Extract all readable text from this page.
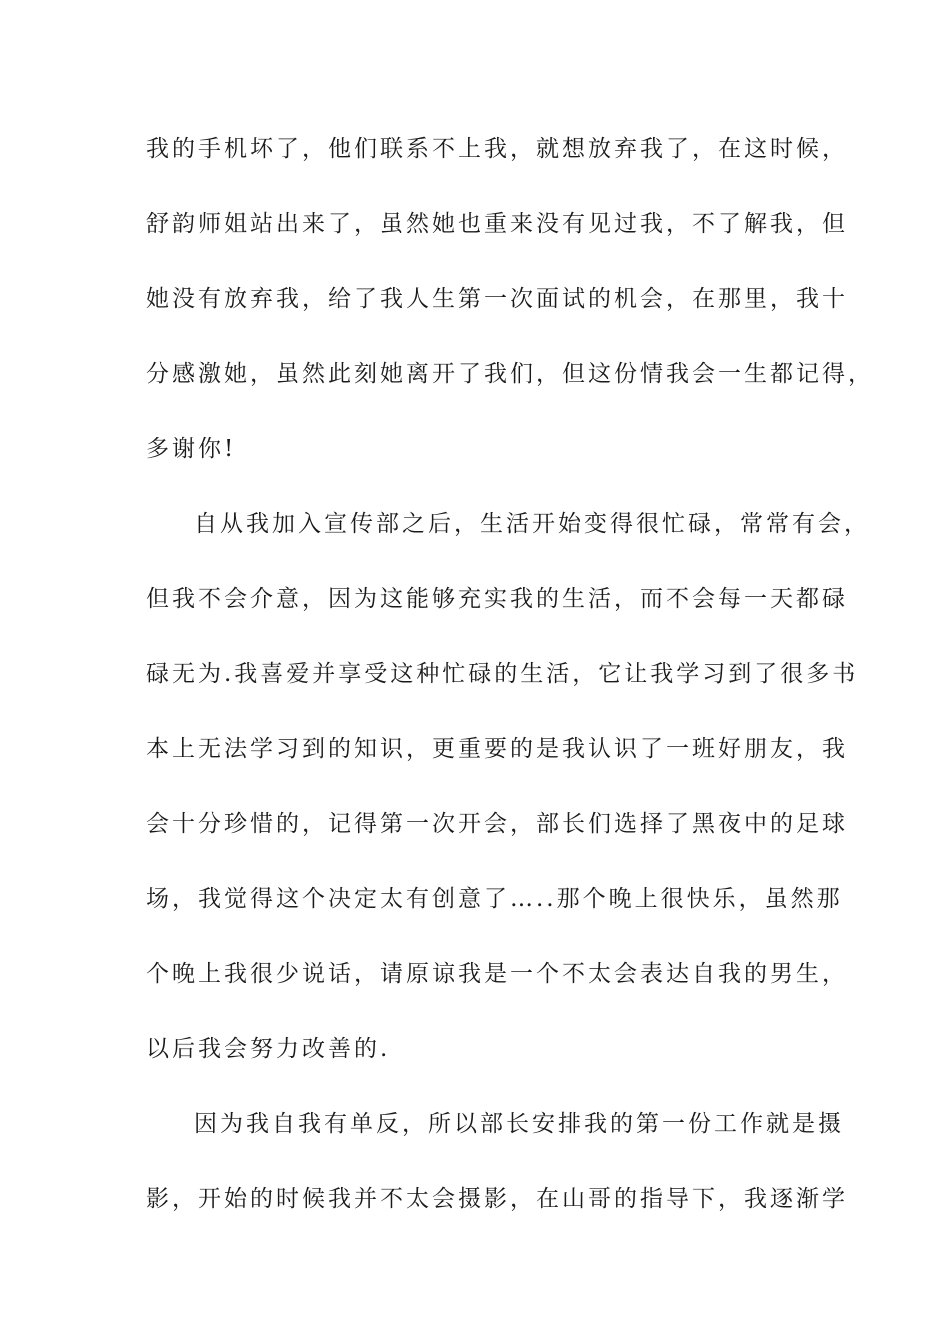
我的手机坏了，他们联系不上我，就想放弃我了，在这时候，
舒韵师姐站出来了，虽然她也重来没有见过我，不了解我，但
她没有放弃我，给了我人生第一次面试的机会，在那里，我十
分感激她，虽然此刻她离开了我们，但这份情我会一生都记得，
多谢你!
自从我加入宣传部之后，生活开始变得很忙碌，常常有会，
但我不会介意，因为这能够充实我的生活，而不会每一天都碌
碌无为.我喜爱并享受这种忙碌的生活，它让我学习到了很多书
本上无法学习到的知识，更重要的是我认识了一班好朋友，我
会十分珍惜的，记得第一次开会，部长们选择了黑夜中的足球
场，我觉得这个决定太有创意了…..那个晚上很快乐，虽然那
个晚上我很少说话，请原谅我是一个不太会表达自我的男生，
以后我会努力改善的.
因为我自我有单反，所以部长安排我的第一份工作就是摄
影，开始的时候我并不太会摄影，在山哥的指导下，我逐渐学
